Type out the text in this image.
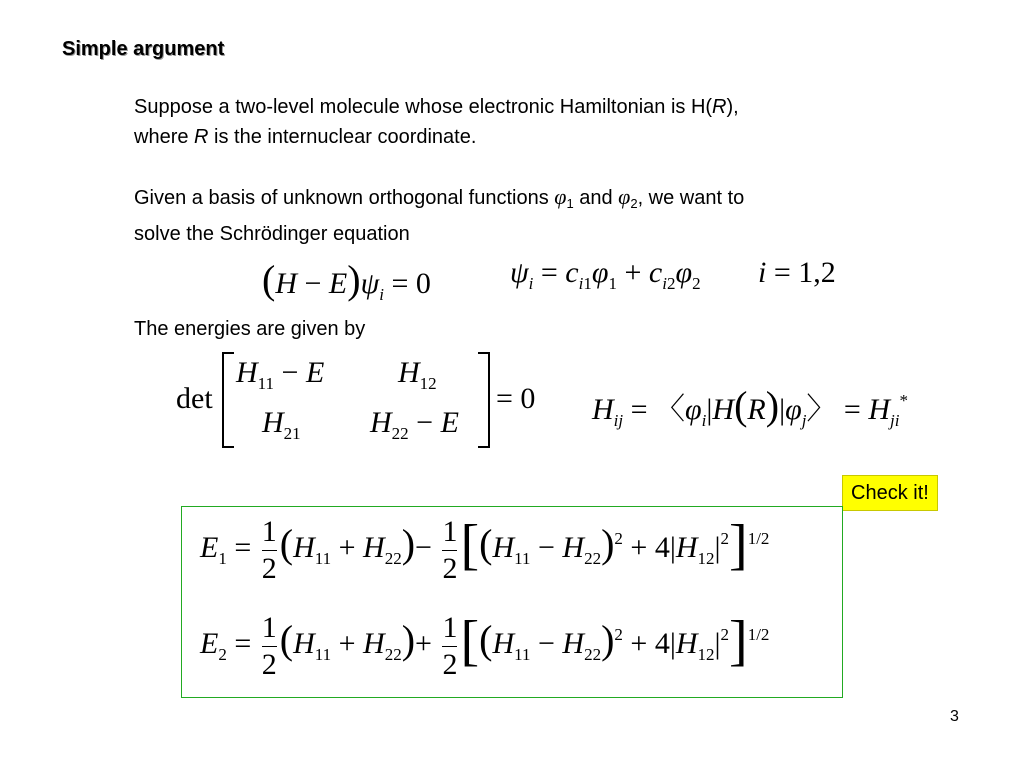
Simple argument
Suppose a two-level molecule whose electronic Hamiltonian is H(R),
where R is the internuclear coordinate.
Given a basis of unknown orthogonal functions $\varphi_1$ and $\varphi_2$, we want to
solve the Schrödinger equation
$(H - E)\psi_i = 0$	$\psi_i = c_{i1}\varphi_1 + c_{i2}\varphi_2$ i = 1,2
The energies are given by
det
$H_{11} - E$ $H_{12}$
$H_{21}$ $H_{22} - E$
= 0 $H_{ij}$ = 〈$\varphi_i|H(R)|\varphi_j$〉 = $H_{ji}^*$
Check it!
$E_1 = \frac{1}{2} (H_{11} + H_{22})- \frac{1}{2} [(H_{11} - H_{22})^2 + 4|H_{12}|^2]^{1/2}$
$E_2 = \frac{1}{2} (H_{11} + H_{22})+ \frac{1}{2} [(H_{11} - H_{22})^2 + 4|H_{12}|^2]^{1/2}$
3
